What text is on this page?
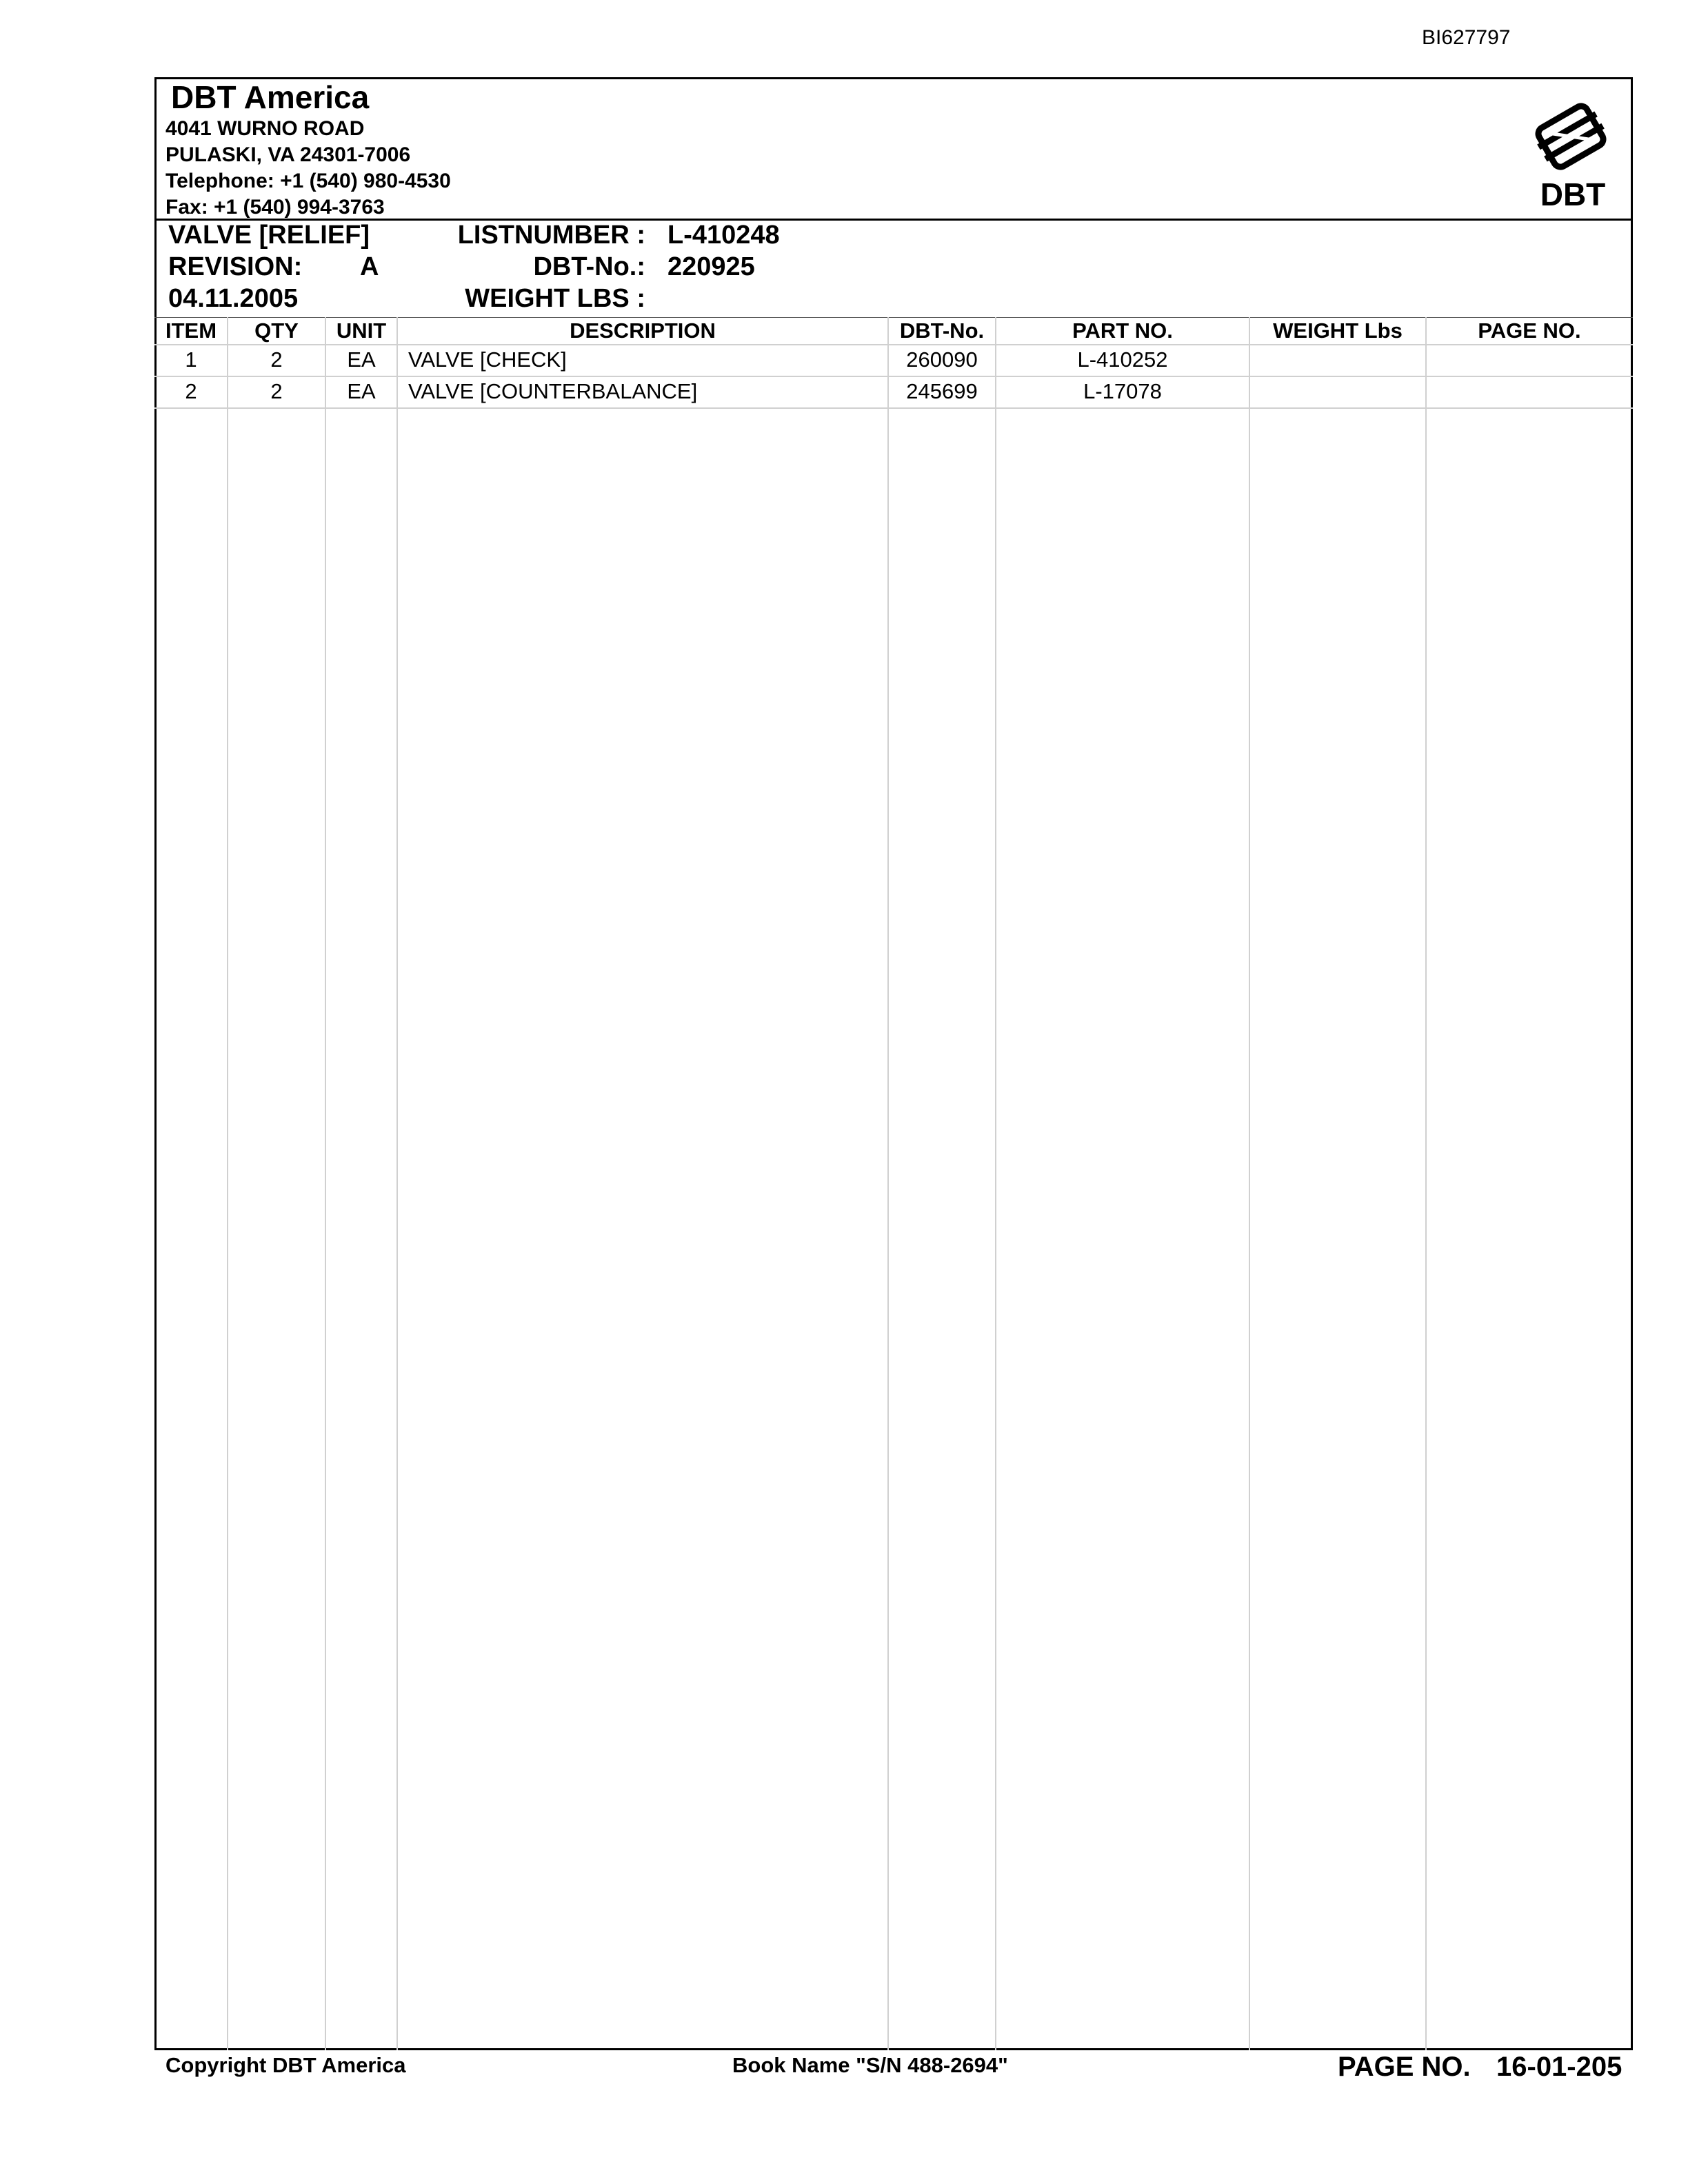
BI627797
DBT America
4041 WURNO ROAD
PULASKI, VA 24301-7006
Telephone: +1 (540) 980-4530
Fax: +1 (540) 994-3763	DBT
VALVE [RELIEF]
REVISION: A
04.11.2005
LISTNUMBER : L-410248
DBT-No.: 220925
WEIGHT LBS :
ITEM	QTY	UNIT	DESCRIPTION	DBT-No.	PART NO.	WEIGHT Lbs	PAGE NO.
1	2	EA	VALVE [CHECK]	260090	L-410252
2	2	EA	VALVE [COUNTERBALANCE]	245699	L-17078
Copyright DBT America	Book Name "S/N 488-2694"	PAGE NO. 16-01-205
